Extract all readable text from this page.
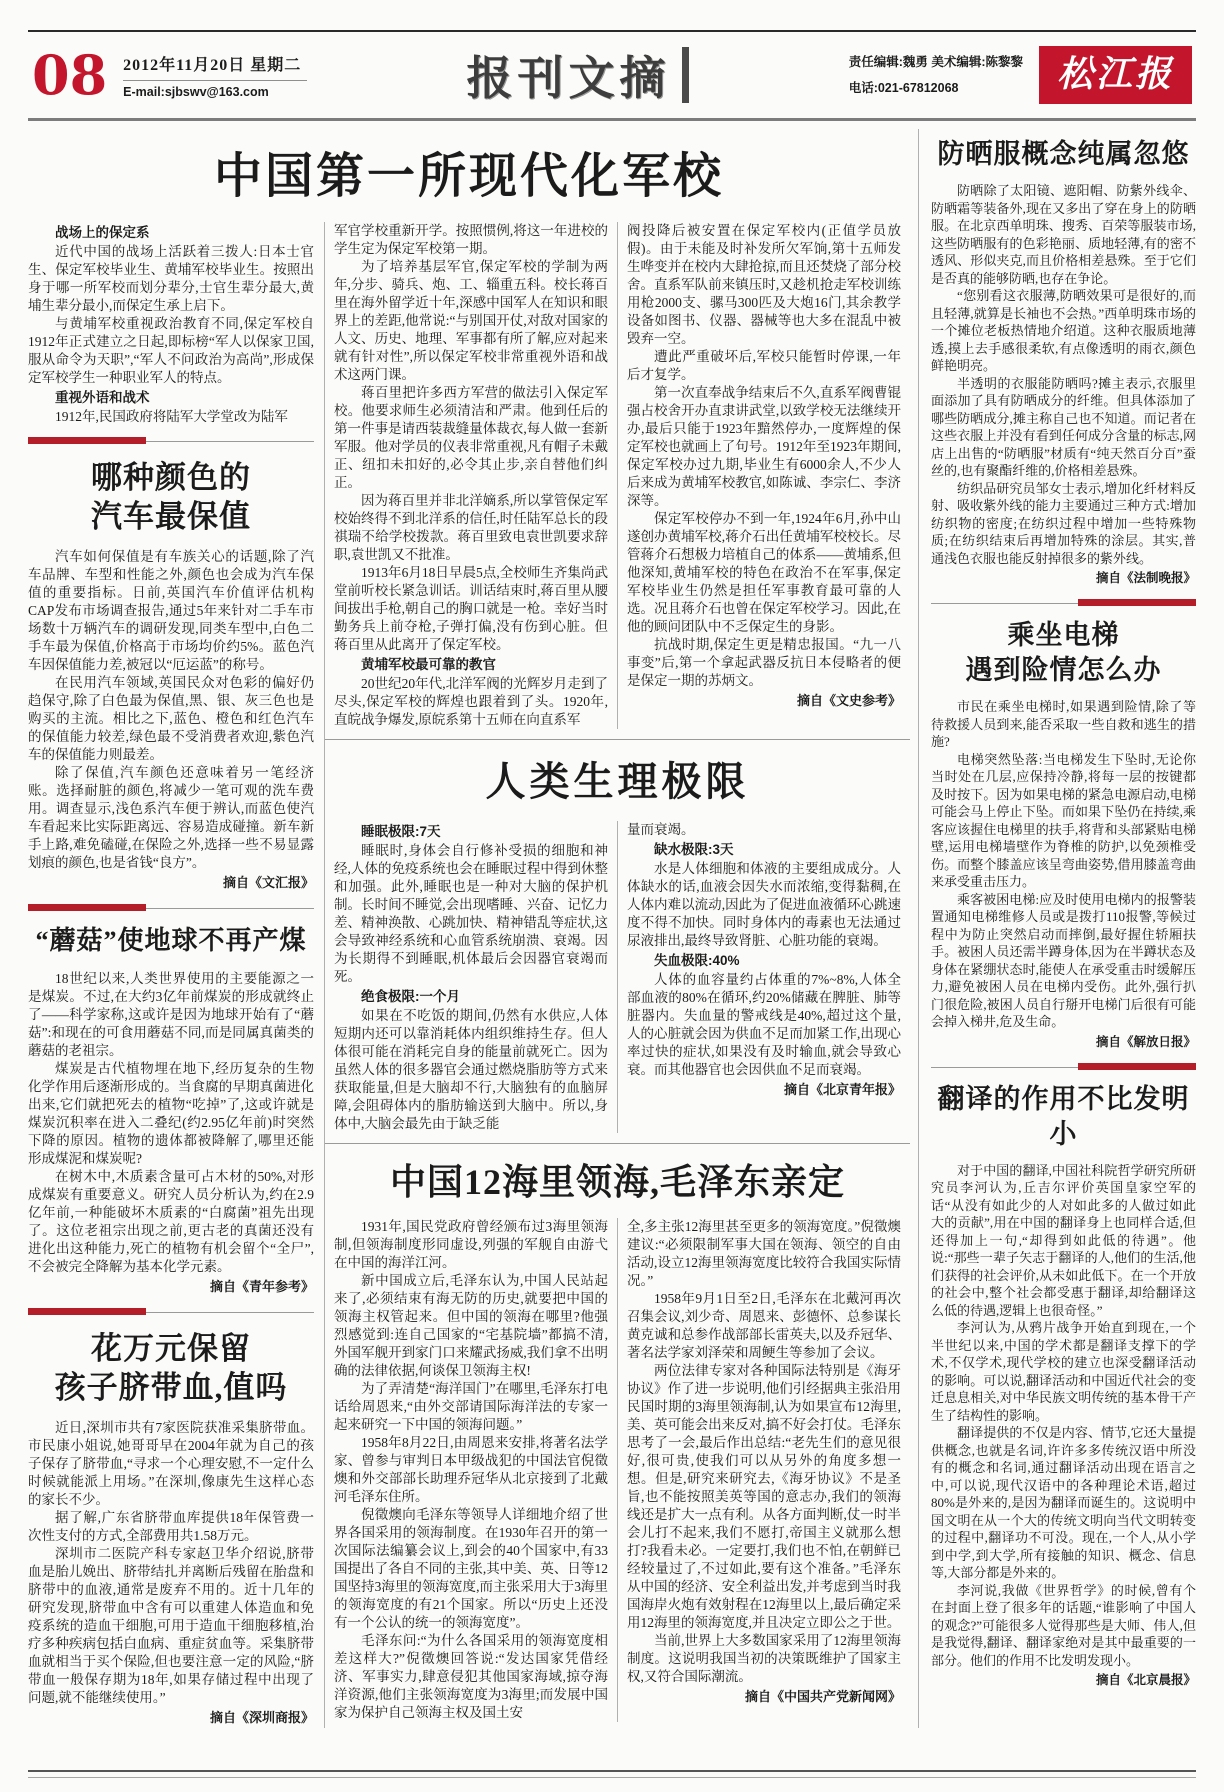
08 2012年11月20日 星期二
E-mail:sjbswv@163.com	报刊文摘	责任编辑:魏勇 美术编辑:陈黎黎
电话:021-67812068	松江报
中国第一所现代化军校

战场上的保定系

近代中国的战场上活跃着三拨人:日本士官生、保定军校毕业生、黄埔军校毕业生。按照出身于哪一所军校而划分辈分,士官生辈分最大,黄埔生辈分最小,而保定生承上启下。

与黄埔军校重视政治教育不同,保定军校自1912年正式建立之日起,即标榜“军人以保家卫国,服从命令为天职”,“军人不问政治为高尚”,形成保定军校学生一种职业军人的特点。

重视外语和战术

1912年,民国政府将陆军大学堂改为陆军

哪种颜色的
汽车最保值

汽车如何保值是有车族关心的话题,除了汽车品牌、车型和性能之外,颜色也会成为汽车保值的重要指标。日前,英国汽车价值评估机构CAP发布市场调查报告,通过5年来针对二手车市场数十万辆汽车的调研发现,同类车型中,白色二手车最为保值,价格高于市场均价约5%。蓝色汽车因保值能力差,被冠以“厄运蓝”的称号。

在民用汽车领域,英国民众对色彩的偏好仍趋保守,除了白色最为保值,黑、银、灰三色也是购买的主流。相比之下,蓝色、橙色和红色汽车的保值能力较差,绿色最不受消费者欢迎,紫色汽车的保值能力则最差。

除了保值,汽车颜色还意味着另一笔经济账。选择耐脏的颜色,将减少一笔可观的洗车费用。调查显示,浅色系汽车便于辨认,而蓝色使汽车看起来比实际距离远、容易造成碰撞。新车新手上路,难免磕碰,在保险之外,选择一些不易显露划痕的颜色,也是省钱“良方”。

摘自《文汇报》

“蘑菇”使地球不再产煤

18世纪以来,人类世界使用的主要能源之一是煤炭。不过,在大约3亿年前煤炭的形成就终止了——科学家称,这或许是因为地球开始有了“蘑菇”:和现在的可食用蘑菇不同,而是同属真菌类的蘑菇的老祖宗。

煤炭是古代植物埋在地下,经历复杂的生物化学作用后逐渐形成的。当食腐的早期真菌进化出来,它们就把死去的植物“吃掉”了,这或许就是煤炭沉积率在进入二叠纪(约2.95亿年前)时突然下降的原因。植物的遗体都被降解了,哪里还能形成煤泥和煤炭呢?

在树木中,木质素含量可占木材的50%,对形成煤炭有重要意义。研究人员分析认为,约在2.9亿年前,一种能破坏木质素的“白腐菌”祖先出现了。这位老祖宗出现之前,更古老的真菌还没有进化出这种能力,死亡的植物有机会留个“全尸”,不会被完全降解为基本化学元素。

摘自《青年参考》

花万元保留
孩子脐带血,值吗

近日,深圳市共有7家医院获准采集脐带血。市民康小姐说,她哥哥早在2004年就为自己的孩子保存了脐带血,“寻求一个心理安慰,不一定什么时候就能派上用场。”在深圳,像康先生这样心态的家长不少。

据了解,广东省脐带血库提供18年保管费一次性支付的方式,全部费用共1.58万元。

深圳市二医院产科专家赵卫华介绍说,脐带血是胎儿娩出、脐带结扎并离断后残留在胎盘和脐带中的血液,通常是废弃不用的。近十几年的研究发现,脐带血中含有可以重建人体造血和免疫系统的造血干细胞,可用于造血干细胞移植,治疗多种疾病包括白血病、重症贫血等。采集脐带血就相当于买个保险,但也要注意一定的风险,“脐带血一般保存期为18年,如果存储过程中出现了问题,就不能继续使用。”

摘自《深圳商报》

军官学校重新开学。按照惯例,将这一年进校的学生定为保定军校第一期。

为了培养基层军官,保定军校的学制为两年,分步、骑兵、炮、工、辎重五科。校长蒋百里在海外留学近十年,深感中国军人在知识和眼界上的差距,他常说:“与别国开仗,对敌对国家的人文、历史、地理、军事都有所了解,应对起来就有针对性”,所以保定军校非常重视外语和战术这两门课。

蒋百里把许多西方军营的做法引入保定军校。他要求师生必须清洁和严肃。他到任后的第一件事是请西装裁缝量体裁衣,每人做一套新军服。他对学员的仪表非常重视,凡有帽子未戴正、纽扣未扣好的,必令其止步,亲自替他们纠正。

因为蒋百里并非北洋嫡系,所以掌管保定军校始终得不到北洋系的信任,时任陆军总长的段祺瑞不给学校拨款。蒋百里致电袁世凯要求辞职,袁世凯又不批准。

1913年6月18日早晨5点,全校师生齐集尚武堂前听校长紧急训话。训话结束时,蒋百里从腰间拔出手枪,朝自己的胸口就是一枪。幸好当时勤务兵上前夺枪,子弹打偏,没有伤到心脏。但蒋百里从此离开了保定军校。

黄埔军校最可靠的教官

20世纪20年代,北洋军阀的光辉岁月走到了尽头,保定军校的辉煌也跟着到了头。1920年,直皖战争爆发,原皖系第十五师在向直系军

阀投降后被安置在保定军校内(正值学员放假)。由于未能及时补发所欠军饷,第十五师发生哗变并在校内大肆抢掠,而且还焚烧了部分校舍。直系军队前来镇压时,又趁机抢走军校训练用枪2000支、骡马300匹及大炮16门,其余教学设备如图书、仪器、器械等也大多在混乱中被毁弃一空。

遭此严重破坏后,军校只能暂时停课,一年后才复学。

第一次直奉战争结束后不久,直系军阀曹锟强占校舍开办直隶讲武堂,以致学校无法继续开办,最后只能于1923年黯然停办,一度辉煌的保定军校也就画上了句号。1912年至1923年期间,保定军校办过九期,毕业生有6000余人,不少人后来成为黄埔军校教官,如陈诚、李宗仁、李济深等。

保定军校停办不到一年,1924年6月,孙中山遂创办黄埔军校,蒋介石出任黄埔军校校长。尽管蒋介石想极力培植自己的体系——黄埔系,但他深知,黄埔军校的特色在政治不在军事,保定军校毕业生仍然是担任军事教育最可靠的人选。况且蒋介石也曾在保定军校学习。因此,在他的顾问团队中不乏保定生的身影。

抗战时期,保定生更是精忠报国。“九一八事变”后,第一个拿起武器反抗日本侵略者的便是保定一期的苏炳文。

摘自《文史参考》

人类生理极限

睡眠极限:7天

睡眠时,身体会自行修补受损的细胞和神经,人体的免疫系统也会在睡眠过程中得到休整和加强。此外,睡眠也是一种对大脑的保护机制。长时间不睡觉,会出现嗜睡、兴奋、记忆力差、精神涣散、心跳加快、精神错乱等症状,这会导致神经系统和心血管系统崩溃、衰竭。因为长期得不到睡眠,机体最后会因器官衰竭而死。

绝食极限:一个月

如果在不吃饭的期间,仍然有水供应,人体短期内还可以靠消耗体内组织维持生存。但人体很可能在消耗完自身的能量前就死亡。因为虽然人体的很多器官会通过燃烧脂肪等方式来获取能量,但是大脑却不行,大脑独有的血脑屏障,会阻碍体内的脂肪输送到大脑中。所以,身体中,大脑会最先由于缺乏能

量而衰竭。

缺水极限:3天

水是人体细胞和体液的主要组成成分。人体缺水的话,血液会因失水而浓缩,变得黏稠,在人体内难以流动,因此为了促进血液循环心跳速度不得不加快。同时身体内的毒素也无法通过尿液排出,最终导致肾脏、心脏功能的衰竭。

失血极限:40%

人体的血容量约占体重的7%~8%,人体全部血液的80%在循环,约20%储藏在脾脏、肺等脏器内。失血量的警戒线是40%,超过这个量,人的心脏就会因为供血不足而加紧工作,出现心率过快的症状,如果没有及时输血,就会导致心衰。而其他器官也会因供血不足而衰竭。

摘自《北京青年报》

中国12海里领海,毛泽东亲定

1931年,国民党政府曾经颁布过3海里领海制,但领海制度形同虚设,列强的军舰自由游弋在中国的海洋江河。

新中国成立后,毛泽东认为,中国人民站起来了,必须结束有海无防的历史,就要把中国的领海主权管起来。但中国的领海在哪里?他强烈感觉到:连自己国家的“宅基院墙”都搞不清,外国军舰开到家门口来耀武扬威,我们拿不出明确的法律依据,何谈保卫领海主权!

为了弄清楚“海洋国门”在哪里,毛泽东打电话给周恩来,“由外交部请国际海洋法的专家一起来研究一下中国的领海问题。”

1958年8月22日,由周恩来安排,将著名法学家、曾参与审判日本甲级战犯的中国法官倪徵燠和外交部部长助理乔冠华从北京接到了北戴河毛泽东住所。

倪徵燠向毛泽东等领导人详细地介绍了世界各国采用的领海制度。在1930年召开的第一次国际法编纂会议上,到会的40个国家中,有33国提出了各自不同的主张,其中美、英、日等12国坚持3海里的领海宽度,而主张采用大于3海里的领海宽度的有21个国家。所以“历史上还没有一个公认的统一的领海宽度”。

毛泽东问:“为什么各国采用的领海宽度相差这样大?”倪徵燠回答说:“发达国家凭借经济、军事实力,肆意侵犯其他国家海域,掠夺海洋资源,他们主张领海宽度为3海里;而发展中国家为保护自己领海主权及国土安

全,多主张12海里甚至更多的领海宽度。”倪徵燠建议:“必须限制军事大国在领海、领空的自由活动,设立12海里领海宽度比较符合我国实际情况。”

1958年9月1日至2日,毛泽东在北戴河再次召集会议,刘少奇、周恩来、彭德怀、总参谋长黄克诚和总参作战部部长雷英夫,以及乔冠华、著名法学家刘泽荣和周鲠生等参加了会议。

两位法律专家对各种国际法特别是《海牙协议》作了进一步说明,他们引经据典主张沿用民国时期的3海里领海制,认为如果宣布12海里,美、英可能会出来反对,搞不好会打仗。毛泽东思考了一会,最后作出总结:“老先生们的意见很好,很可贵,使我们可以从另外的角度多想一想。但是,研究来研究去,《海牙协议》不是圣旨,也不能按照美英等国的意志办,我们的领海线还是扩大一点有利。从各方面判断,仗一时半会儿打不起来,我们不愿打,帝国主义就那么想打?我看未必。一定要打,我们也不怕,在朝鲜已经较量过了,不过如此,要有这个准备。”毛泽东从中国的经济、安全利益出发,并考虑到当时我国海岸火炮有效射程在12海里以上,最后确定采用12海里的领海宽度,并且决定立即公之于世。

当前,世界上大多数国家采用了12海里领海制度。这说明我国当初的决策既维护了国家主权,又符合国际潮流。

摘自《中国共产党新闻网》

防晒服概念纯属忽悠

防晒除了太阳镜、遮阳帽、防紫外线伞、防晒霜等装备外,现在又多出了穿在身上的防晒服。在北京西单明珠、搜秀、百荣等服装市场,这些防晒服有的色彩艳丽、质地轻薄,有的密不透风、形似夹克,而且价格相差悬殊。至于它们是否真的能够防晒,也存在争论。

“您别看这衣服薄,防晒效果可是很好的,而且轻薄,就算是长袖也不会热。”西单明珠市场的一个摊位老板热情地介绍道。这种衣服质地薄透,摸上去手感很柔软,有点像透明的雨衣,颜色鲜艳明亮。

半透明的衣服能防晒吗?摊主表示,衣服里面添加了具有防晒成分的纤维。但具体添加了哪些防晒成分,摊主称自己也不知道。而记者在这些衣服上并没有看到任何成分含量的标志,网店上出售的“防晒服”材质有“纯天然百分百”蚕丝的,也有聚酯纤维的,价格相差悬殊。

纺织品研究员邹女士表示,增加化纤材料反射、吸收紫外线的能力主要通过三种方式:增加纺织物的密度;在纺织过程中增加一些特殊物质;在纺织结束后再增加特殊的涂层。其实,普通浅色衣服也能反射掉很多的紫外线。

摘自《法制晚报》

乘坐电梯
遇到险情怎么办

市民在乘坐电梯时,如果遇到险情,除了等待救援人员到来,能否采取一些自救和逃生的措施?

电梯突然坠落:当电梯发生下坠时,无论你当时处在几层,应保持冷静,将每一层的按键都及时按下。因为如果电梯的紧急电源启动,电梯可能会马上停止下坠。而如果下坠仍在持续,乘客应该握住电梯里的扶手,将背和头部紧贴电梯壁,运用电梯墙壁作为脊椎的防护,以免颈椎受伤。而整个膝盖应该呈弯曲姿势,借用膝盖弯曲来承受重击压力。

乘客被困电梯:应及时使用电梯内的报警装置通知电梯维修人员或是拨打110报警,等候过程中为防止突然启动而摔倒,最好握住轿厢扶手。被困人员还需半蹲身体,因为在半蹲状态及身体在紧绷状态时,能使人在承受重击时缓解压力,避免被困人员在电梯内受伤。此外,强行扒门很危险,被困人员自行掰开电梯门后很有可能会掉入梯井,危及生命。

摘自《解放日报》

翻译的作用不比发明小

对于中国的翻译,中国社科院哲学研究所研究员李河认为,丘吉尔评价英国皇家空军的话“从没有如此少的人对如此多的人做过如此大的贡献”,用在中国的翻译身上也同样合适,但还得加上一句,“却得到如此低的待遇”。他说:“那些一辈子矢志于翻译的人,他们的生活,他们获得的社会评价,从未如此低下。在一个开放的社会中,整个社会都受惠于翻译,却给翻译这么低的待遇,逻辑上也很奇怪。”

李河认为,从鸦片战争开始直到现在,一个半世纪以来,中国的学术都是翻译支撑下的学术,不仅学术,现代学校的建立也深受翻译活动的影响。可以说,翻译活动和中国近代社会的变迁息息相关,对中华民族文明传统的基本骨干产生了结构性的影响。

翻译提供的不仅是内容、情节,它还大量提供概念,也就是名词,许许多多传统汉语中所没有的概念和名词,通过翻译活动出现在语言之中,可以说,现代汉语中的各种理论术语,超过80%是外来的,是因为翻译而诞生的。这说明中国文明在从一个大的传统文明向当代文明转变的过程中,翻译功不可没。现在,一个人,从小学到中学,到大学,所有接触的知识、概念、信息等,大部分都是外来的。

李河说,我做《世界哲学》的时候,曾有个在封面上登了很多年的话题,“谁影响了中国人的观念?”可能很多人觉得那些是大师、伟人,但是我觉得,翻译、翻译家绝对是其中最重要的一部分。他们的作用不比发明发现小。

摘自《北京晨报》
